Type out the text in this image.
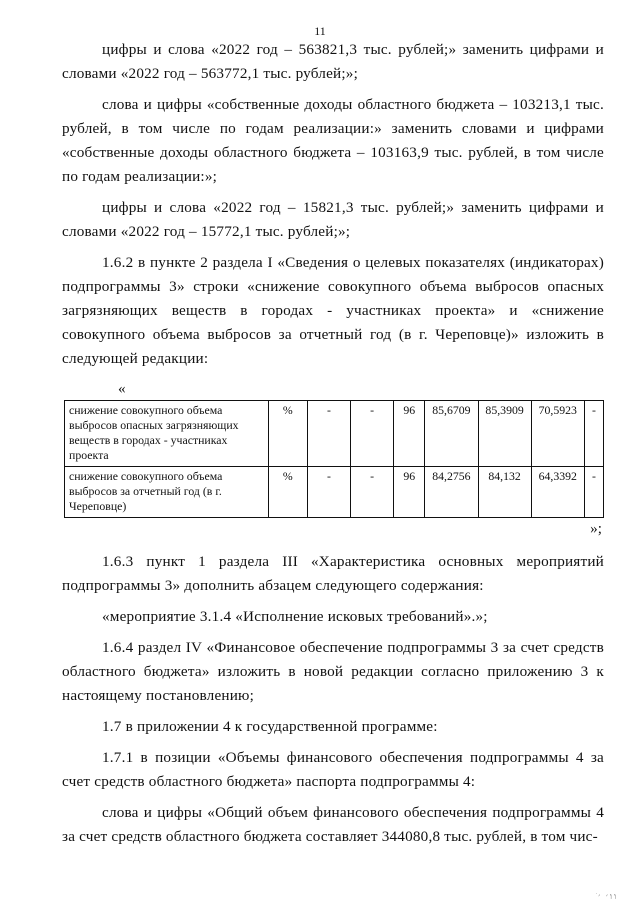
11

цифры и слова «2022 год – 563821,3 тыс. рублей;» заменить цифрами и словами «2022 год – 563772,1 тыс. рублей;»;

слова и цифры «собственные доходы областного бюджета – 103213,1 тыс. рублей, в том числе по годам реализации:» заменить словами и цифрами «собственные доходы областного бюджета – 103163,9 тыс. рублей, в том числе по годам реализации:»;

цифры и слова «2022 год – 15821,3 тыс. рублей;» заменить цифрами и словами «2022 год – 15772,1 тыс. рублей;»;

1.6.2 в пункте 2 раздела I «Сведения о целевых показателях (индикаторах) подпрограммы 3» строки «снижение совокупного объема выбросов опасных загрязняющих веществ в городах - участниках проекта» и «снижение совокупного объема выбросов за отчетный год (в г. Череповце)» изложить в следующей редакции:

«
снижение совокупного объема выбросов опасных загрязняющих веществ в городах - участниках проекта	%	-	-	96	85,6709	85,3909	70,5923	-
снижение совокупного объема выбросов за отчетный год (в г. Череповце)	%	-	-	96	84,2756	84,132	64,3392	-
»;

1.6.3 пункт 1 раздела III «Характеристика основных мероприятий подпрограммы 3» дополнить абзацем следующего содержания:

«мероприятие 3.1.4 «Исполнение исковых требований».»;

1.6.4 раздел IV «Финансовое обеспечение подпрограммы 3 за счет средств областного бюджета» изложить в новой редакции согласно приложению 3 к настоящему постановлению;

1.7 в приложении 4 к государственной программе:

1.7.1 в позиции «Объемы финансового обеспечения подпрограммы 4 за счет средств областного бюджета» паспорта подпрограммы 4:

слова и цифры «Общий объем финансового обеспечения подпрограммы 4 за счет средств областного бюджета составляет 344080,8 тыс. рублей, в том чис-

ׁוו׳ ׳
